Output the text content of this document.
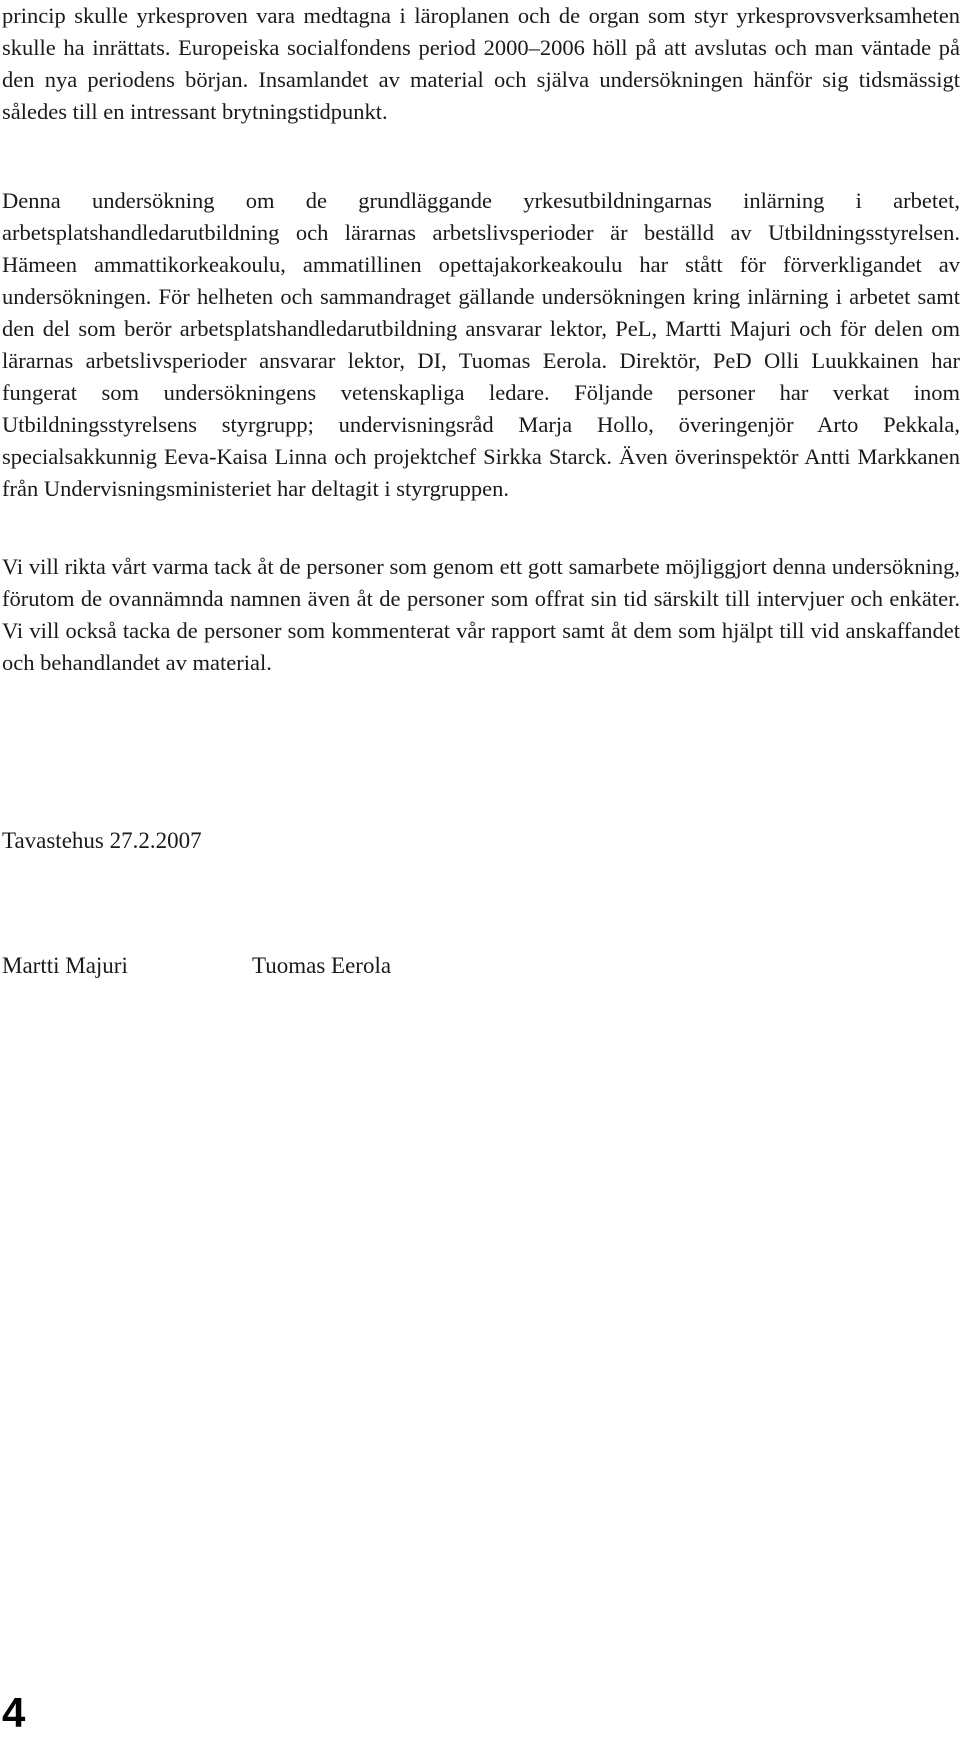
princip skulle yrkesproven vara medtagna i läroplanen och de organ som styr yrkesprovsverksamheten skulle ha inrättats. Europeiska socialfondens period 2000–2006 höll på att avslutas och man väntade på den nya periodens början. Insamlandet av material och själva undersökningen hänför sig tidsmässigt således till en intressant brytningstidpunkt.

Denna undersökning om de grundläggande yrkesutbildningarnas inlärning i arbetet, arbetsplatshandledarutbildning och lärarnas arbetslivsperioder är beställd av Utbildningsstyrelsen. Hämeen ammattikorkeakoulu, ammatillinen opettajakorkeakoulu har stått för förverkligandet av undersökningen. För helheten och sammandraget gällande undersökningen kring inlärning i arbetet samt den del som berör arbetsplatshandledarutbildning ansvarar lektor, PeL, Martti Majuri och för delen om lärarnas arbetslivsperioder ansvarar lektor, DI, Tuomas Eerola. Direktör, PeD Olli Luukkainen har fungerat som undersökningens vetenskapliga ledare. Följande personer har verkat inom Utbildningsstyrelsens styrgrupp; undervisningsråd Marja Hollo, överingenjör Arto Pekkala, specialsakkunnig Eeva-Kaisa Linna och projektchef Sirkka Starck. Även överinspektör Antti Markkanen från Undervisningsministeriet har deltagit i styrgruppen.

Vi vill rikta vårt varma tack åt de personer som genom ett gott samarbete möjliggjort denna undersökning, förutom de ovannämnda namnen även åt de personer som offrat sin tid särskilt till intervjuer och enkäter. Vi vill också tacka de personer som kommenterat vår rapport samt åt dem som hjälpt till vid anskaffandet och behandlandet av material.

Tavastehus 27.2.2007

Martti Majuri	Tuomas Eerola

4
